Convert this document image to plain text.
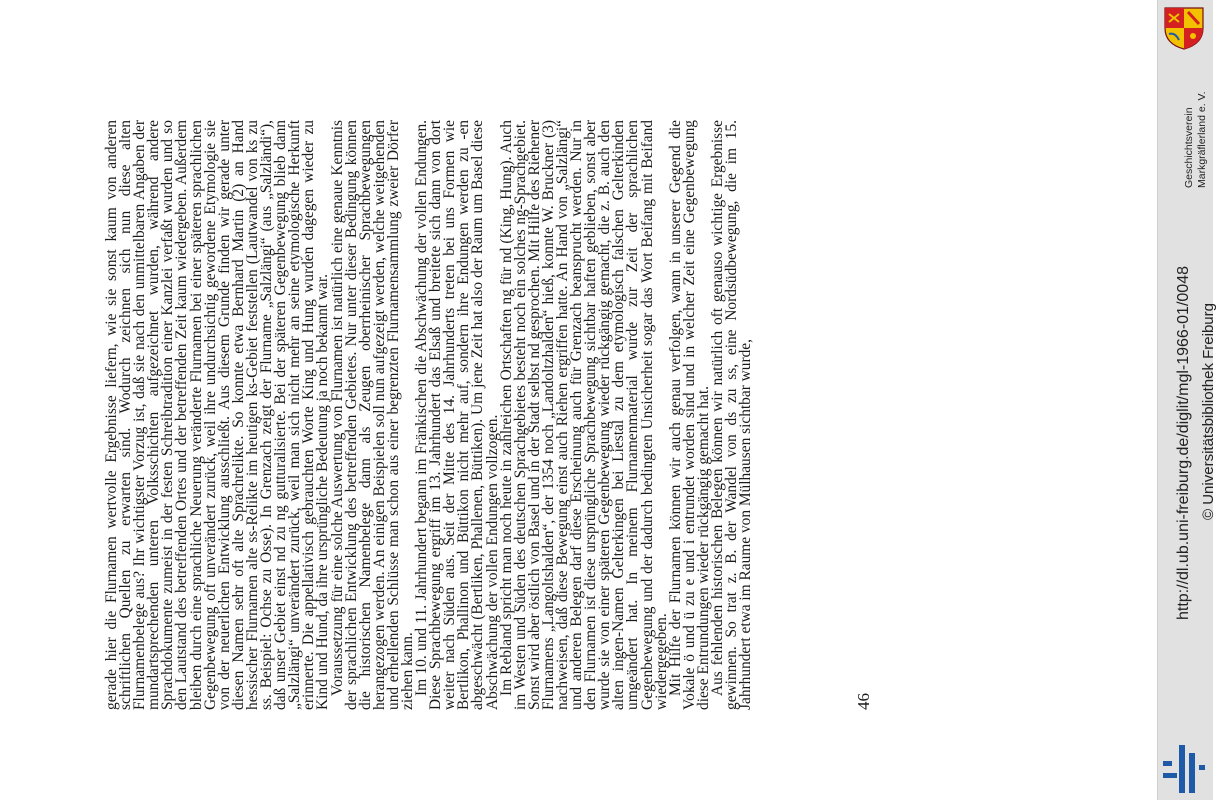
gerade hier die Flurnamen wertvolle Ergebnisse liefern, wie sie sonst kaum von anderen schriftlichen Quellen zu erwarten sind. Wodurch zeichnen sich nun diese alten Flurnamenbelege aus? Ihr wichtigster Vorzug ist, daß sie nach den unmittelbaren Angaben der mundartsprechenden unteren Volksschichten aufgezeichnet wurden, während andere Sprachdokumente zumeist in der festen Schreibtradition einer Kanzlei verfaßt wurden und so den Lautstand des betreffenden Ortes und der betreffenden Zeit kaum wiedergeben. Außerdem bleiben durch eine sprachliche Neuerung veränderte Flurnamen bei einer späteren sprachlichen Gegenbewegung oft unverändert zurück, weil ihre undurchsichtig gewordene Etymologie sie von der neuerlichen Entwicklung ausschließt. Aus diesem Grunde finden wir gerade unter diesen Namen sehr oft alte Sprachrelikte. So konnte etwa Bernhard Martin (2) an Hand hessischer Flurnamen alte ss-Relikte im heutigen ks-Gebiet feststellen (Lautwandel von ks zu ss. Beispiel: Ochse zu Osse). In Grenzach zeigt der Flurname „Salzlängi“ (aus „Salzländi“), daß unser Gebiet einst nd zu ng gutturalisierte. Bei der späteren Gegenbewegung blieb dann „Salzlängi“ unverändert zurück, weil man sich nicht mehr an seine etymologische Herkunft erinnerte. Die appellativisch gebrauchten Worte King und Hung wurden dagegen wieder zu Kind und Hund, da ihre ursprüngliche Bedeutung ja noch bekannt war.

Voraussetzung für eine solche Auswertung von Flurnamen ist natürlich eine genaue Kenntnis der sprachlichen Entwicklung des betreffenden Gebietes. Nur unter dieser Bedingung können die historischen Namenbelege dann als Zeugen oberrheinischer Sprachbewegungen herangezogen werden. An einigen Beispielen soll nun aufgezeigt werden, welche weitgehenden und erhellenden Schlüsse man schon aus einer begrenzten Flurnamensammlung zweier Dörfer ziehen kann.

Im 10. und 11. Jahrhundert begann im Fränkischen die Abschwächung der vollen Endungen. Diese Sprachbewegung ergriff im 13. Jahrhundert das Elsaß und breitete sich dann von dort weiter nach Süden aus. Seit der Mitte des 14. Jahrhunderts treten bei uns Formen wie Bertlikon, Phallinon und Büttikon nicht mehr auf, sondern ihre Endungen werden zu -en abgeschwächt (Bertliken, Phallenen, Büttiken). Um jene Zeit hat also der Raum um Basel diese Abschwächung der vollen Endungen vollzogen.

Im Rebland spricht man noch heute in zahlreichen Ortschaften ng für nd (King, Hung). Auch im Westen und Süden des deutschen Sprachgebietes besteht noch ein solches ng-Sprachgebiet. Sonst wird aber östlich von Basel und in der Stadt selbst nd gesprochen. Mit Hilfe des Riehener Flurnamens „Langoltshalden“, der 1354 noch „Landoltzhalden“ hieß, konnte W. Bruckner (3) nachweisen, daß diese Bewegung einst auch Riehen ergriffen hatte. An Hand von „Salzlängi“ und anderen Belegen darf diese Erscheinung auch für Grenzach beansprucht werden. Nur in den Flurnamen ist diese ursprüngliche Sprachbewegung sichtbar haften geblieben, sonst aber wurde sie von einer späteren Gegenbewegung wieder rückgängig gemacht, die z. B. auch den alten ingen-Namen Gelterkingen bei Liestal zu dem etymologisch falschen Gelterkinden umgeändert hat. In meinem Flurnamenmaterial wurde zur Zeit der sprachlichen Gegenbewegung und der dadurch bedingten Unsicherheit sogar das Wort Beifang mit Beifand wiedergegeben.

Mit Hilfe der Flurnamen können wir auch genau verfolgen, wann in unserer Gegend die Vokale ö und ü zu e und i entrundet worden sind und in welcher Zeit eine Gegenbewegung diese Entrundungen wieder rückgängig gemacht hat.

Aus fehlenden historischen Belegen können wir natürlich oft genauso wichtige Ergebnisse gewinnen. So trat z. B. der Wandel von ds zu ss, eine Nordsüdbewegung, die im 15. Jahrhundert etwa im Raume von Mülhausen sichtbar wurde,	46
http://dl.ub.uni-freiburg.de/diglit/mgl-1966-01/0048 © Universitätsbibliothek Freiburg
Geschichtsverein Markgräflerland e. V.
